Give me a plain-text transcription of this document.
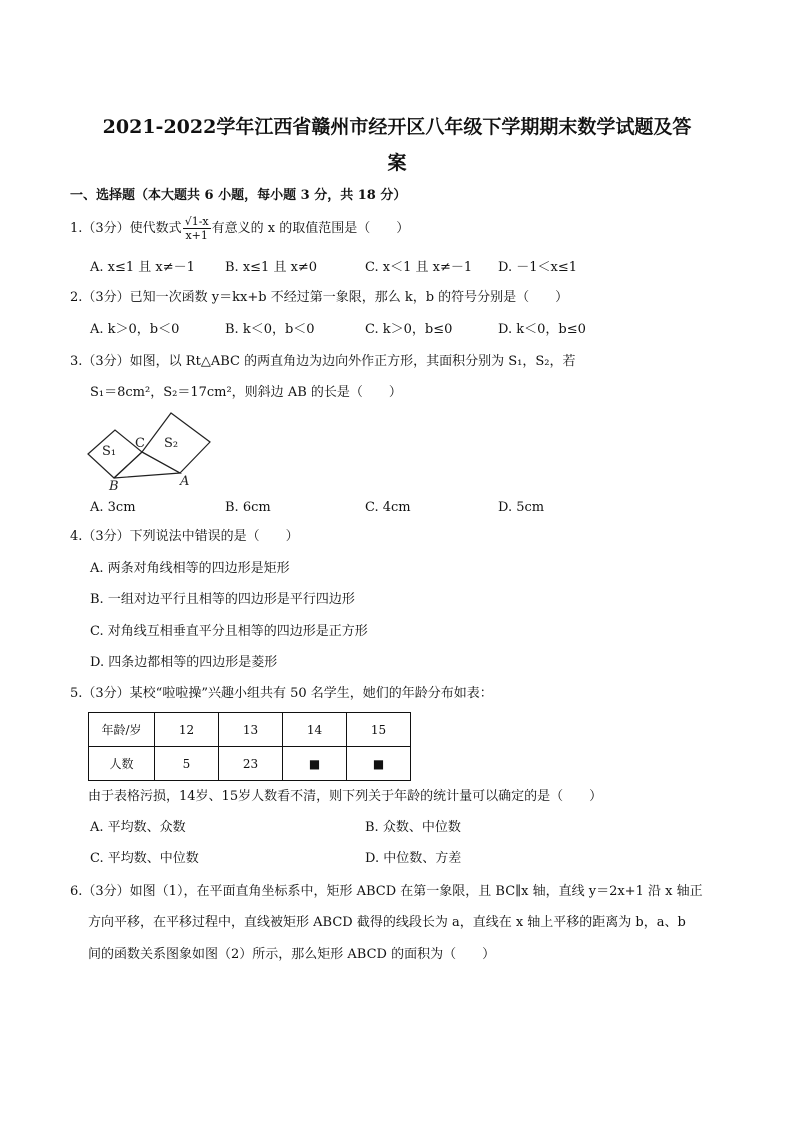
2021-2022学年江西省赣州市经开区八年级下学期期末数学试题及答
案
一、选择题（本大题共 6 小题，每小题 3 分，共 18 分）
1.（3分）使代数式 $\frac{√1-x}{x+1}$ 有意义的 x 的取值范围是（　　）
A. x≤1 且 x≠－1 B. x≤1 且 x≠0	C. x＜1 且 x≠－1 D. －1＜x≤1
2.（3分）已知一次函数 y＝kx+b 不经过第一象限，那么 k，b 的符号分别是（　　）
A. k＞0，b＜0	B. k＜0，b＜0	C. k＞0，b≤0	D. k＜0，b≤0
3.（3分）如图，以 Rt△ABC 的两直角边为边向外作正方形，其面积分别为 S₁，S₂，若
S₁＝8cm²，S₂＝17cm²，则斜边 AB 的长是（　　）
S₁
S₂
C
B	A
A. 3cm	B. 6cm	C. 4cm	D. 5cm
4.（3分）下列说法中错误的是（　　）
A. 两条对角线相等的四边形是矩形
B. 一组对边平行且相等的四边形是平行四边形
C. 对角线互相垂直平分且相等的四边形是正方形
D. 四条边都相等的四边形是菱形
5.（3分）某校“啦啦操”兴趣小组共有 50 名学生，她们的年龄分布如表：
年龄/岁	12	13	14	15
人数	5	23	■	■
由于表格污损，14岁、15岁人数看不清，则下列关于年龄的统计量可以确定的是（　　）
A. 平均数、众数	B. 众数、中位数
C. 平均数、中位数	D. 中位数、方差
6.（3分）如图（1），在平面直角坐标系中，矩形 ABCD 在第一象限，且 BC∥x 轴，直线 y＝2x+1 沿 x 轴正
方向平移，在平移过程中，直线被矩形 ABCD 截得的线段长为 a，直线在 x 轴上平移的距离为 b，a、b
间的函数关系图象如图（2）所示，那么矩形 ABCD 的面积为（　　）
